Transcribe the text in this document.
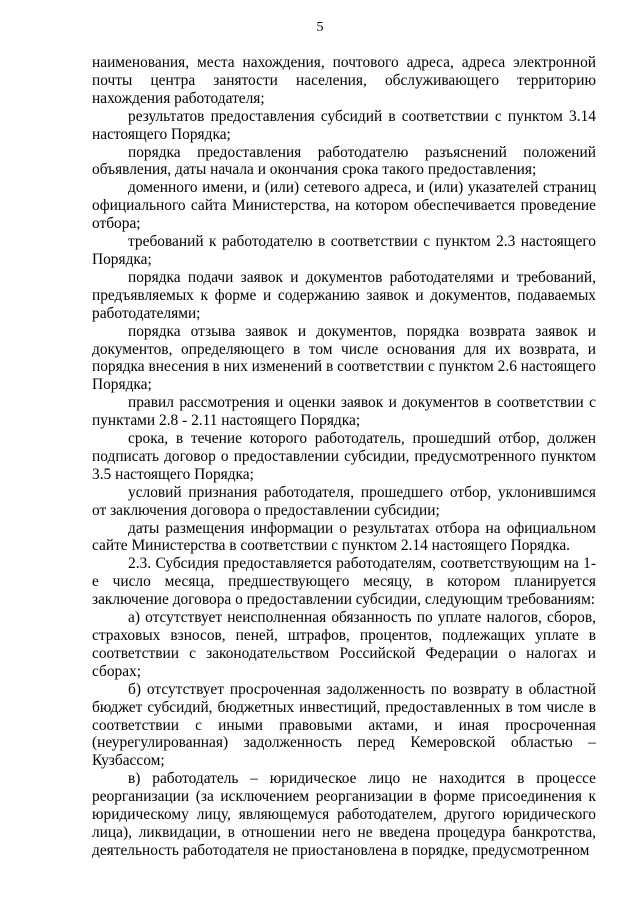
5

наименования, места нахождения, почтового адреса, адреса электронной почты центра занятости населения, обслуживающего территорию нахождения работодателя;

результатов предоставления субсидий в соответствии с пунктом 3.14 настоящего Порядка;

порядка предоставления работодателю разъяснений положений объявления, даты начала и окончания срока такого предоставления;

доменного имени, и (или) сетевого адреса, и (или) указателей страниц официального сайта Министерства, на котором обеспечивается проведение отбора;

требований к работодателю в соответствии с пунктом 2.3 настоящего Порядка;

порядка подачи заявок и документов работодателями и требований, предъявляемых к форме и содержанию заявок и документов, подаваемых работодателями;

порядка отзыва заявок и документов, порядка возврата заявок и документов, определяющего в том числе основания для их возврата, и порядка внесения в них изменений в соответствии с пунктом 2.6 настоящего Порядка;

правил рассмотрения и оценки заявок и документов в соответствии с пунктами 2.8 - 2.11 настоящего Порядка;

срока, в течение которого работодатель, прошедший отбор, должен подписать договор о предоставлении субсидии, предусмотренного пунктом 3.5 настоящего Порядка;

условий признания работодателя, прошедшего отбор, уклонившимся от заключения договора о предоставлении субсидии;

даты размещения информации о результатах отбора на официальном сайте Министерства в соответствии с пунктом 2.14 настоящего Порядка.

2.3. Субсидия предоставляется работодателям, соответствующим на 1-е число месяца, предшествующего месяцу, в котором планируется заключение договора о предоставлении субсидии, следующим требованиям:

а) отсутствует неисполненная обязанность по уплате налогов, сборов, страховых взносов, пеней, штрафов, процентов, подлежащих уплате в соответствии с законодательством Российской Федерации о налогах и сборах;

б) отсутствует просроченная задолженность по возврату в областной бюджет субсидий, бюджетных инвестиций, предоставленных в том числе в соответствии с иными правовыми актами, и иная просроченная (неурегулированная) задолженность перед Кемеровской областью – Кузбассом;

в) работодатель – юридическое лицо не находится в процессе реорганизации (за исключением реорганизации в форме присоединения к юридическому лицу, являющемуся работодателем, другого юридического лица), ликвидации, в отношении него не введена процедура банкротства, деятельность работодателя не приостановлена в порядке, предусмотренном
